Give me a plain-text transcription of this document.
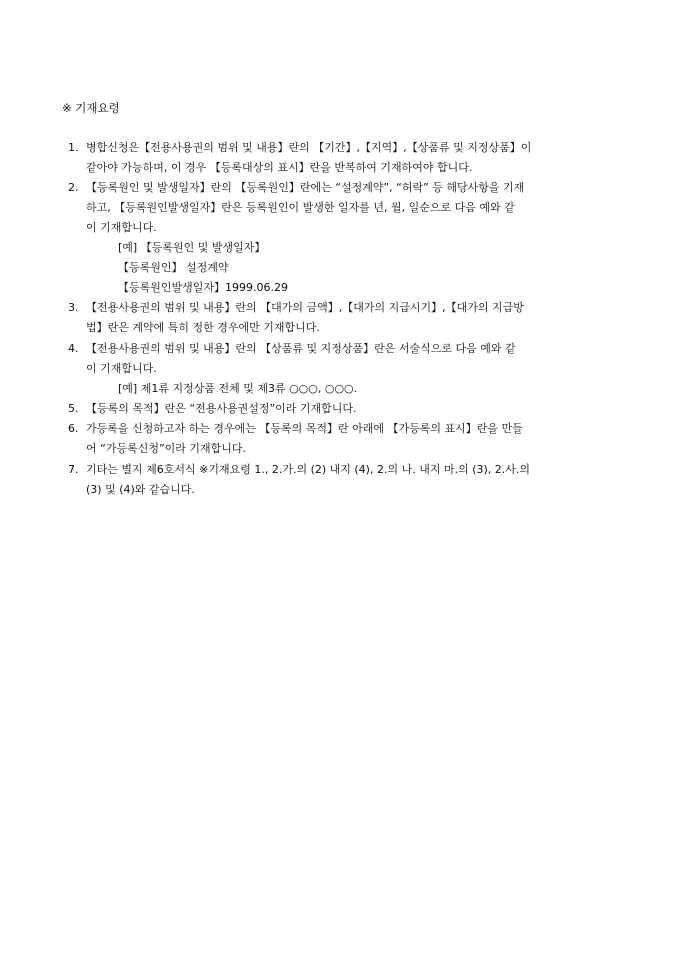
※ 기재요령
1. 병합신청은【전용사용권의 범위 및 내용】란의 【기간】,【지역】,【상품류 및 지정상품】이
같아야 가능하며, 이 경우 【등록대상의 표시】란을 반복하여 기재하여야 합니다.
2. 【등록원인 및 발생일자】란의 【등록원인】란에는 “설정계약”, “허락” 등 해당사항을 기재
하고, 【등록원인발생일자】란은 등록원인이 발생한 일자를 년, 월, 일순으로 다음 예와 같
이 기재합니다.
[예] 【등록원인 및 발생일자】
【등록원인】 설정계약
【등록원인발생일자】1999.06.29
3. 【전용사용권의 범위 및 내용】란의 【대가의 금액】,【대가의 지급시기】,【대가의 지급방
법】란은 계약에 특히 정한 경우에만 기재합니다.
4. 【전용사용권의 범위 및 내용】란의 【상품류 및 지정상품】란은 서술식으로 다음 예와 같
이 기재합니다.
[예] 제1류 지정상품 전체 및 제3류 ○○○, ○○○.
5. 【등록의 목적】란은 “전용사용권설정”이라 기재합니다.
6. 가등록을 신청하고자 하는 경우에는 【등록의 목적】란 아래에 【가등록의 표시】란을 만들
어 “가등록신청”이라 기재합니다.
7. 기타는 별지 제6호서식 ※기재요령 1., 2.가.의 (2) 내지 (4), 2.의 나. 내지 마.의 (3), 2.사.의
(3) 및 (4)와 같습니다.
